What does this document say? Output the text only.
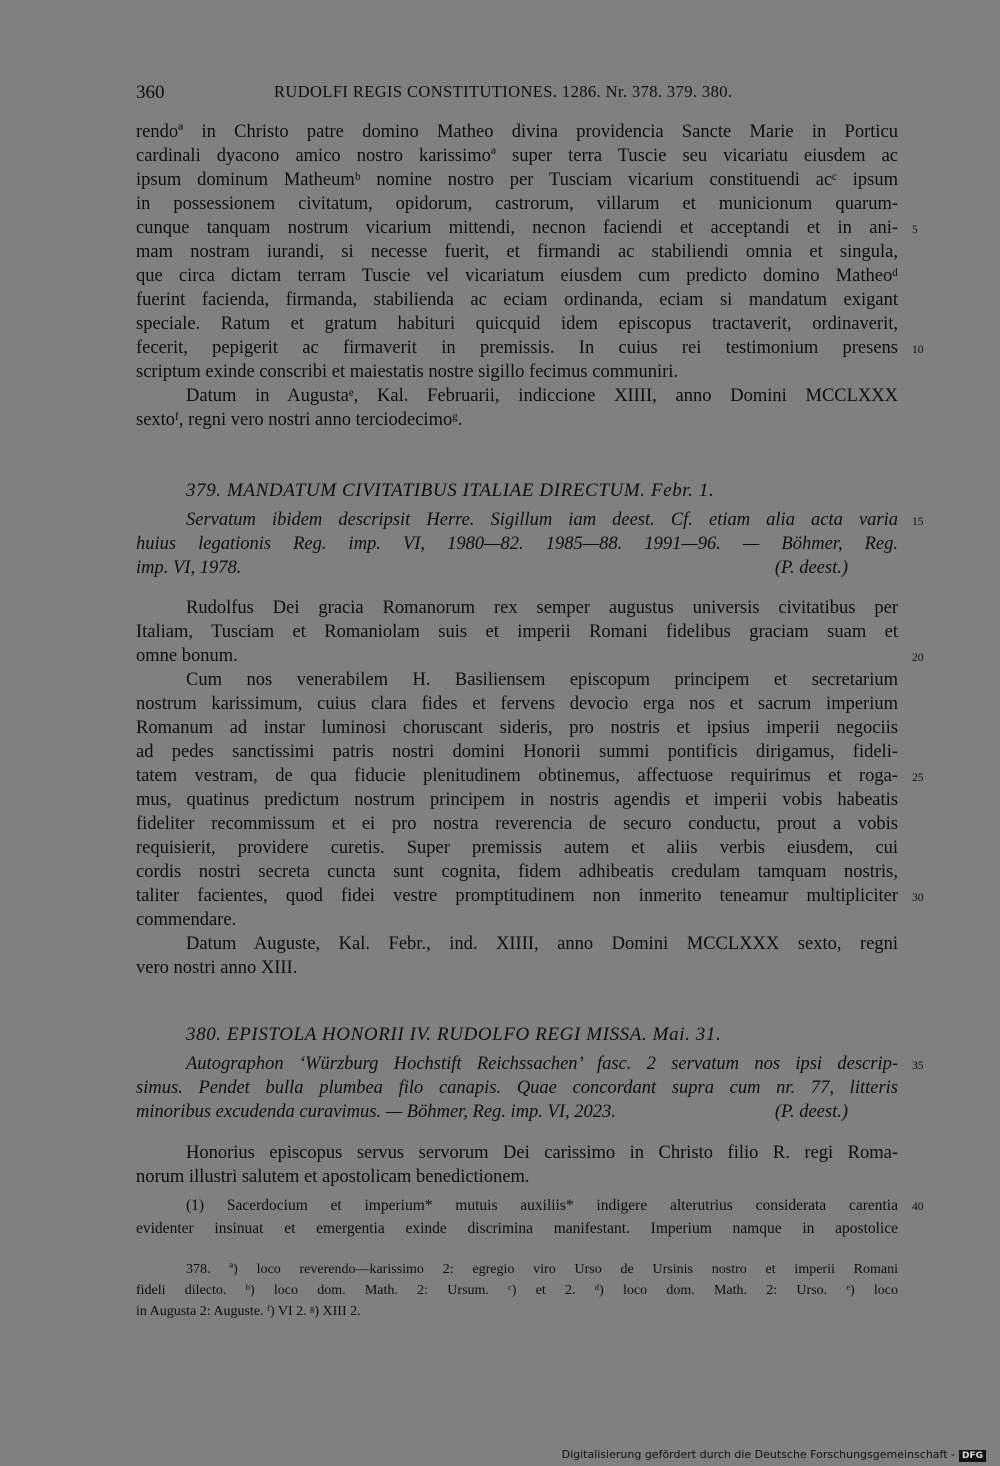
360	RUDOLFI REGIS CONSTITUTIONES. 1286. Nr. 378. 379. 380.
rendoª in Christo patre domino Matheo divina providencia Sancte Marie in Porticu
cardinali dyacono amico nostro karissimoª super terra Tuscie seu vicariatu eiusdem ac
ipsum dominum Matheumᵇ nomine nostro per Tusciam vicarium constituendi acᶜ ipsum
in possessionem civitatum, opidorum, castrorum, villarum et municionum quarum-
cunque tanquam nostrum vicarium mittendi, necnon faciendi et acceptandi et in ani-
mam nostram iurandi, si necesse fuerit, et firmandi ac stabiliendi omnia et singula,
que circa dictam terram Tuscie vel vicariatum eiusdem cum predicto domino Matheoᵈ
fuerint facienda, firmanda, stabilienda ac eciam ordinanda, eciam si mandatum exigant
speciale. Ratum et gratum habituri quicquid idem episcopus tractaverit, ordinaverit,
fecerit, pepigerit ac firmaverit in premissis. In cuius rei testimonium presens
scriptum exinde conscribi et maiestatis nostre sigillo fecimus communiri.
Datum in Augustaᵉ, Kal. Februarii, indiccione XIIII, anno Domini MCCLXXX
sextoᶠ, regni vero nostri anno terciodecimoᵍ.
379. MANDATUM CIVITATIBUS ITALIAE DIRECTUM. Febr. 1.
Servatum ibidem descripsit Herre. Sigillum iam deest. Cf. etiam alia acta varia
huius legationis Reg. imp. VI, 1980—82. 1985—88. 1991—96. — Böhmer, Reg.
imp. VI, 1978.	(P. deest.)
Rudolfus Dei gracia Romanorum rex semper augustus universis civitatibus per
Italiam, Tusciam et Romaniolam suis et imperii Romani fidelibus graciam suam et
omne bonum.
Cum nos venerabilem H. Basiliensem episcopum principem et secretarium
nostrum karissimum, cuius clara fides et fervens devocio erga nos et sacrum imperium
Romanum ad instar luminosi choruscant sideris, pro nostris et ipsius imperii negociis
ad pedes sanctissimi patris nostri domini Honorii summi pontificis dirigamus, fideli-
tatem vestram, de qua fiducie plenitudinem obtinemus, affectuose requirimus et roga-
mus, quatinus predictum nostrum principem in nostris agendis et imperii vobis habeatis
fideliter recommissum et ei pro nostra reverencia de securo conductu, prout a vobis
requisierit, providere curetis. Super premissis autem et aliis verbis eiusdem, cui
cordis nostri secreta cuncta sunt cognita, fidem adhibeatis credulam tamquam nostris,
taliter facientes, quod fidei vestre promptitudinem non inmerito teneamur multipliciter
commendare.
Datum Auguste, Kal. Febr., ind. XIIII, anno Domini MCCLXXX sexto, regni
vero nostri anno XIII.
380. EPISTOLA HONORII IV. RUDOLFO REGI MISSA. Mai. 31.
Autographon ‘Würzburg Hochstift Reichssachen’ fasc. 2 servatum nos ipsi descrip-
simus. Pendet bulla plumbea filo canapis. Quae concordant supra cum nr. 77, litteris
minoribus excudenda curavimus. — Böhmer, Reg. imp. VI, 2023.	(P. deest.)
Honorius episcopus servus servorum Dei carissimo in Christo filio R. regi Roma-
norum illustri salutem et apostolicam benedictionem.
(1) Sacerdocium et imperium* mutuis auxiliis* indigere alterutrius considerata carentia
evidenter insinuat et emergentia exinde discrimina manifestant. Imperium namque in apostolice
378. ª) loco reverendo—karissimo 2: egregio viro Urso de Ursinis nostro et imperii Romani
fideli dilecto. ᵇ) loco dom. Math. 2: Ursum. ᶜ) et 2. ᵈ) loco dom. Math. 2: Urso. ᵉ) loco
in Augusta 2: Auguste. ᶠ) VI 2. ᵍ) XIII 2.
5
10
15
20
25
30
35
40
Digitalisierung gefördert durch die Deutsche Forschungsgemeinschaft - DFG
